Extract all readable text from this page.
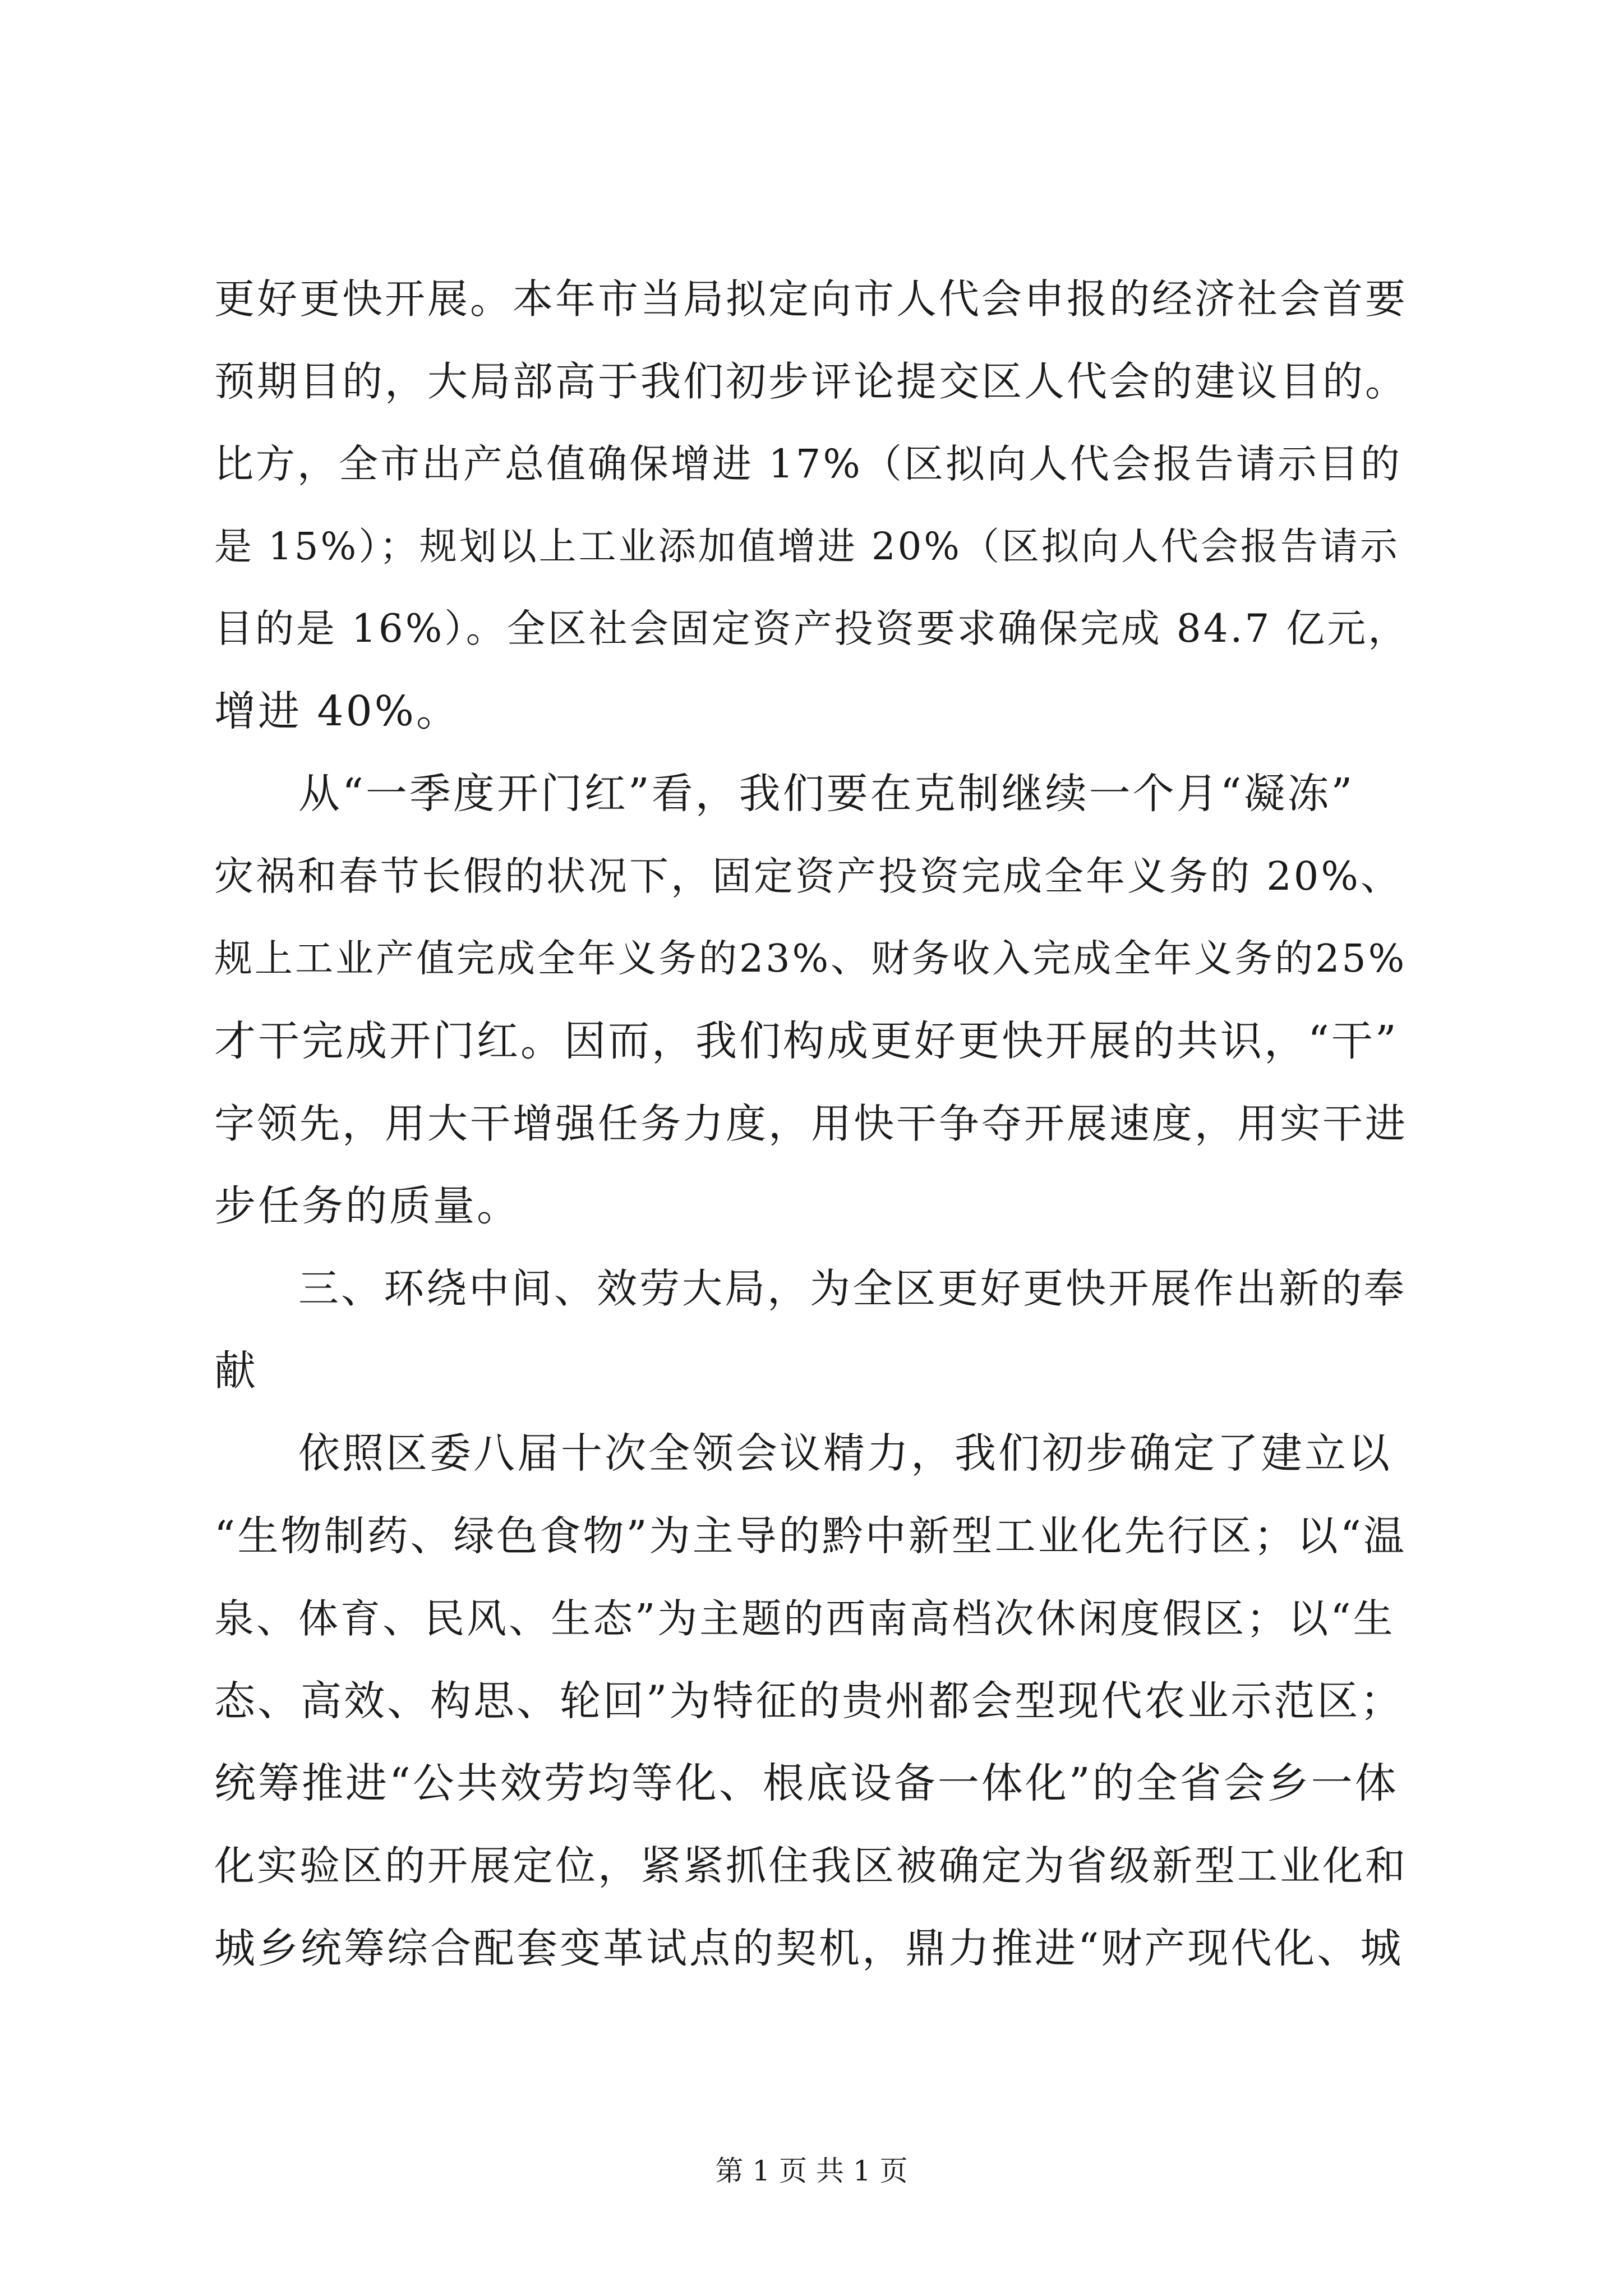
更好更快开展。本年市当局拟定向市人代会申报的经济社会首要
预期目的，大局部高于我们初步评论提交区人代会的建议目的。
比方，全市出产总值确保增进 17%（区拟向人代会报告请示目的
是 15%）；规划以上工业添加值增进 20%（区拟向人代会报告请示
目的是 16%）。全区社会固定资产投资要求确保完成 84.7 亿元，
增进 40%。
从“一季度开门红”看，我们要在克制继续一个月“凝冻”
灾祸和春节长假的状况下，固定资产投资完成全年义务的 20%、
规上工业产值完成全年义务的23%、财务收入完成全年义务的25%
才干完成开门红。因而，我们构成更好更快开展的共识，“干”
字领先，用大干增强任务力度，用快干争夺开展速度，用实干进
步任务的质量。
三、环绕中间、效劳大局，为全区更好更快开展作出新的奉
献
依照区委八届十次全领会议精力，我们初步确定了建立以
“生物制药、绿色食物”为主导的黔中新型工业化先行区；以“温
泉、体育、民风、生态”为主题的西南高档次休闲度假区；以“生
态、高效、构思、轮回”为特征的贵州都会型现代农业示范区；
统筹推进“公共效劳均等化、根底设备一体化”的全省会乡一体
化实验区的开展定位，紧紧抓住我区被确定为省级新型工业化和
城乡统筹综合配套变革试点的契机，鼎力推进“财产现代化、城
第 1 页 共 1 页
